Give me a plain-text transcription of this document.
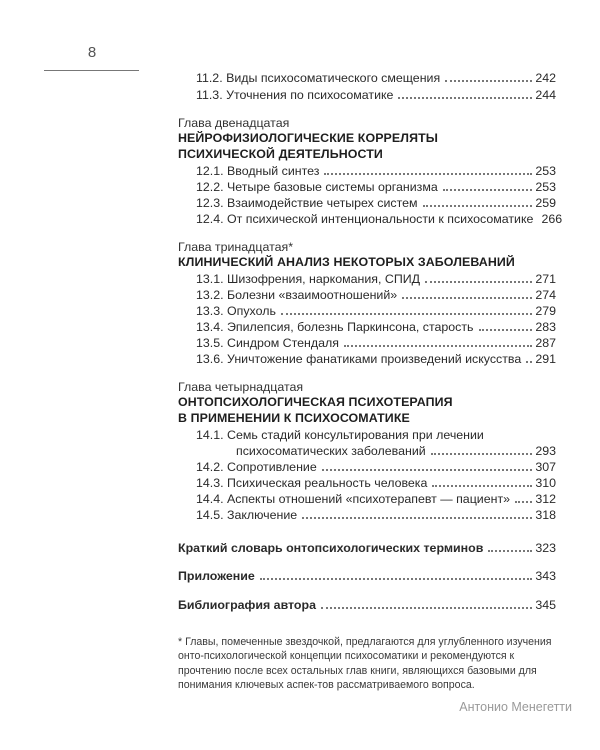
8
11.2. Виды психосоматического смещения	242
11.3. Уточнения по психосоматике	244
Глава двенадцатая
НЕЙРОФИЗИОЛОГИЧЕСКИЕ КОРРЕЛЯТЫ
ПСИХИЧЕСКОЙ ДЕЯТЕЛЬНОСТИ
12.1. Вводный синтез	253
12.2. Четыре базовые системы организма	253
12.3. Взаимодействие четырех систем	259
12.4. От психической интенциональности к психосоматике 266
Глава тринадцатая*
КЛИНИЧЕСКИЙ АНАЛИЗ НЕКОТОРЫХ ЗАБОЛЕВАНИЙ
13.1. Шизофрения, наркомания, СПИД	271
13.2. Болезни «взаимоотношений»	274
13.3. Опухоль	279
13.4. Эпилепсия, болезнь Паркинсона, старость	283
13.5. Синдром Стендаля	287
13.6. Уничтожение фанатиками произведений искусства 291
Глава четырнадцатая
ОНТОПСИХОЛОГИЧЕСКАЯ ПСИХОТЕРАПИЯ
В ПРИМЕНЕНИИ К ПСИХОСОМАТИКЕ
14.1. Семь стадий консультирования при лечении
психосоматических заболеваний	293
14.2. Сопротивление	307
14.3. Психическая реальность человека	310
14.4. Аспекты отношений «психотерапевт — пациент» 312
14.5. Заключение	318
Краткий словарь онтопсихологических терминов	323
Приложение	343
Библиография автора	345
* Главы, помеченные звездочкой, предлагаются для углубленного изучения онто-психологической концепции психосоматики и рекомендуются к прочтению после всех остальных глав книги, являющихся базовыми для понимания ключевых аспек-тов рассматриваемого вопроса.
Антонио Менегетти
